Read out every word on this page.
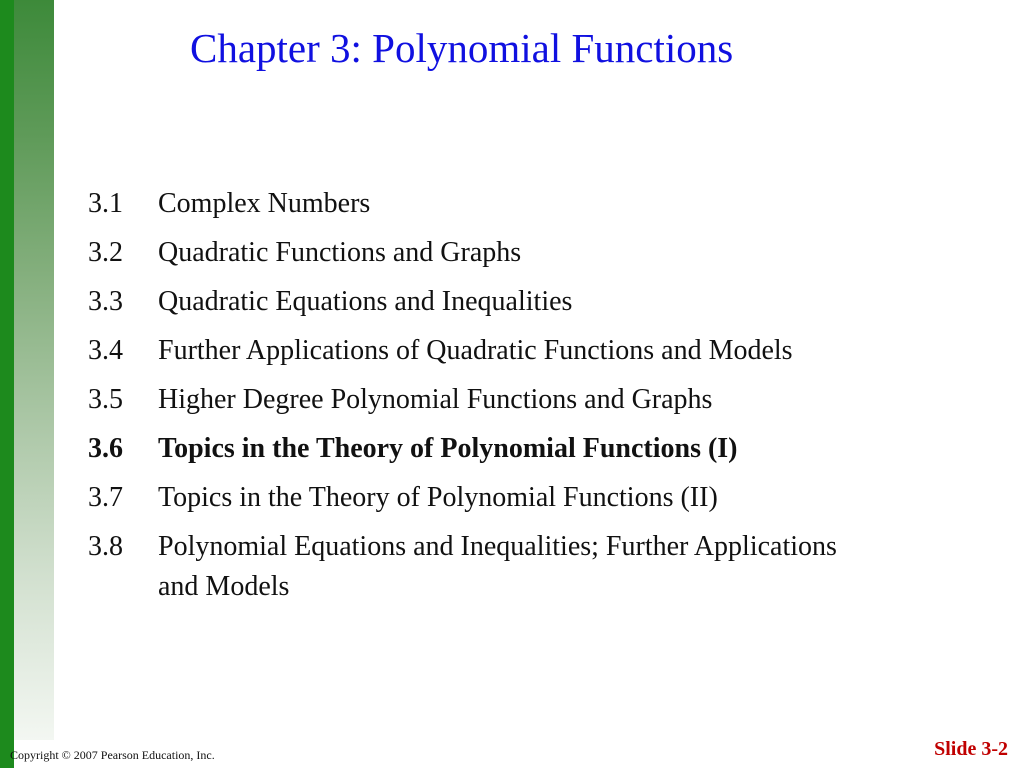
Chapter 3: Polynomial Functions
3.1	Complex Numbers
3.2	Quadratic Functions and Graphs
3.3	Quadratic Equations and Inequalities
3.4	Further Applications of Quadratic Functions and Models
3.5	Higher Degree Polynomial Functions and Graphs
3.6	Topics in the Theory of Polynomial Functions (I)
3.7	Topics in the Theory of Polynomial Functions (II)
3.8	Polynomial Equations and Inequalities; Further Applications and Models
Copyright © 2007 Pearson Education, Inc.	Slide 3-2
